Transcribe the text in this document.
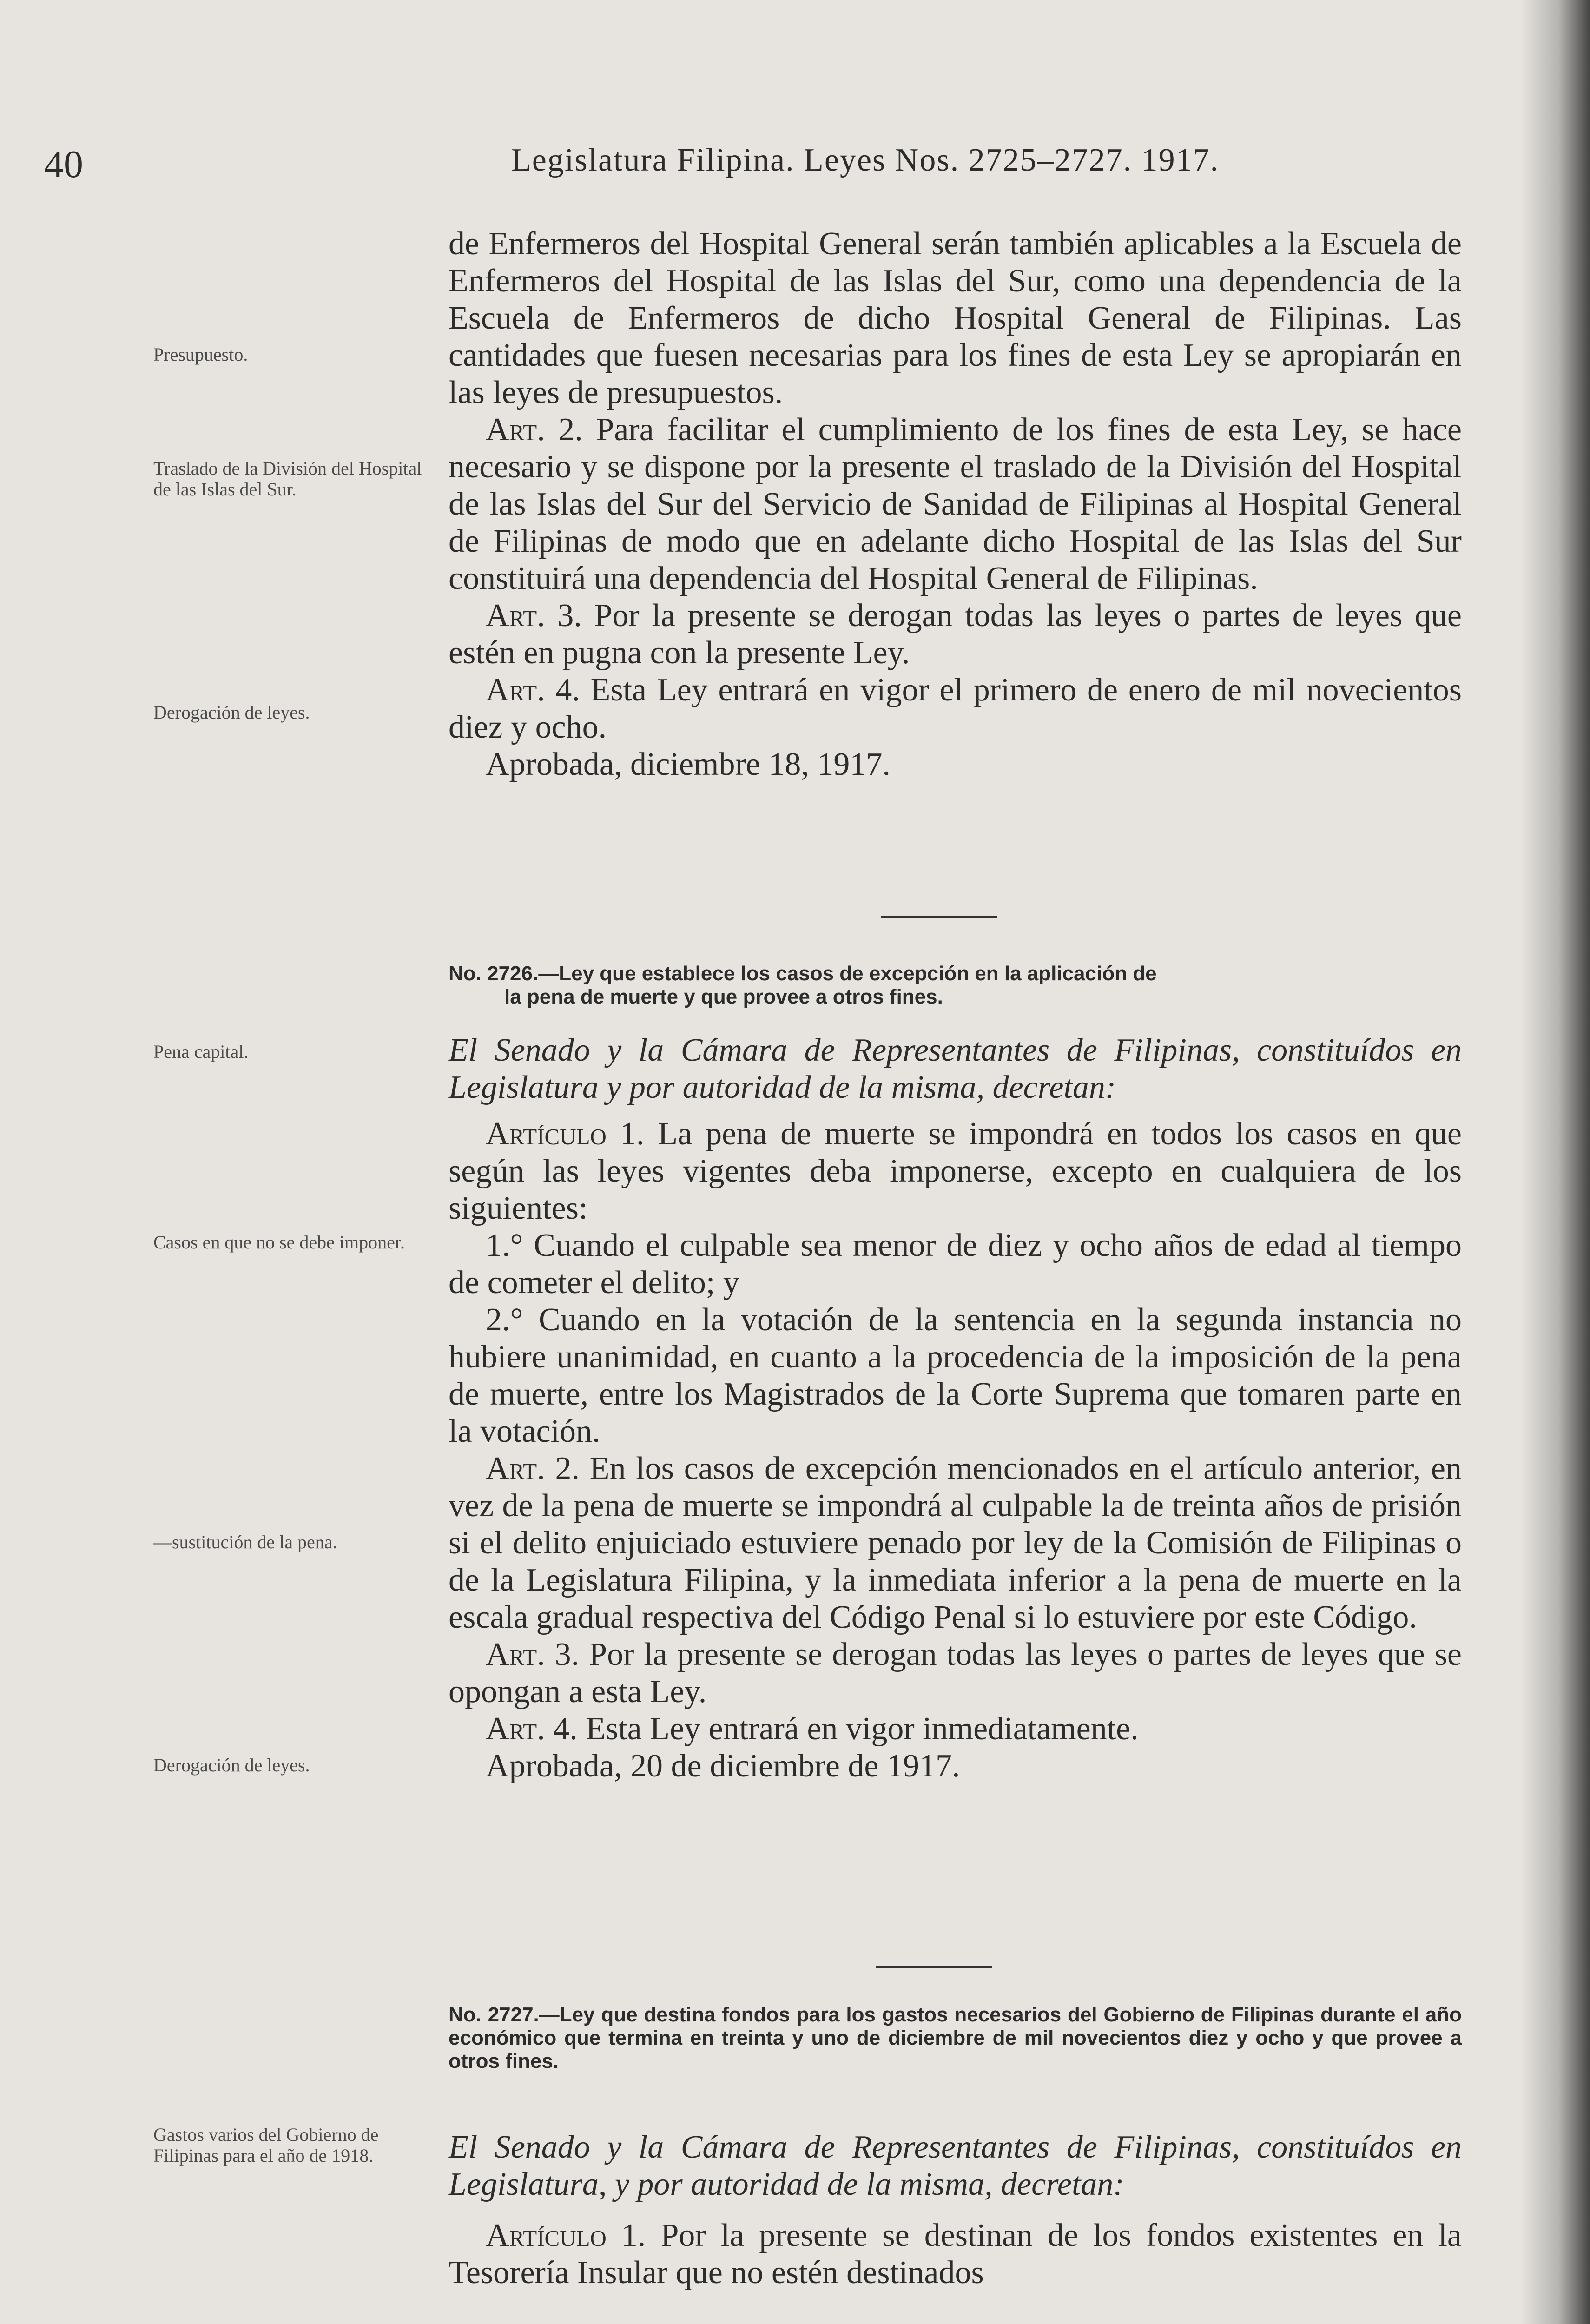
40	Legislatura Filipina. Leyes Nos. 2725–2727. 1917.
Presupuesto.
Traslado de la División del Hospital de las Islas del Sur.
Derogación de leyes.
Pena capital.
Casos en que no se debe imponer.
—sustitución de la pena.
Derogación de leyes.
Gastos varios del Gobierno de Filipinas para el año de 1918.

de Enfermeros del Hospital General serán también aplicables a la Escuela de Enfermeros del Hospital de las Islas del Sur, como una dependencia de la Escuela de Enfermeros de dicho Hospital General de Filipinas. Las cantidades que fuesen necesarias para los fines de esta Ley se apropiarán en las leyes de presupuestos.

Art. 2. Para facilitar el cumplimiento de los fines de esta Ley, se hace necesario y se dispone por la presente el traslado de la División del Hospital de las Islas del Sur del Servicio de Sanidad de Filipinas al Hospital General de Filipinas de modo que en adelante dicho Hospital de las Islas del Sur constituirá una dependencia del Hospital General de Filipinas.

Art. 3. Por la presente se derogan todas las leyes o partes de leyes que estén en pugna con la presente Ley.

Art. 4. Esta Ley entrará en vigor el primero de enero de mil novecientos diez y ocho.

Aprobada, diciembre 18, 1917.

No. 2726.—Ley que establece los casos de excepción en la aplicación de
la pena de muerte y que provee a otros fines.

El Senado y la Cámara de Representantes de Filipinas, constituídos en Legislatura y por autoridad de la misma, decretan:

Artículo 1. La pena de muerte se impondrá en todos los casos en que según las leyes vigentes deba imponerse, excepto en cualquiera de los siguientes:

1.° Cuando el culpable sea menor de diez y ocho años de edad al tiempo de cometer el delito; y

2.° Cuando en la votación de la sentencia en la segunda instancia no hubiere unanimidad, en cuanto a la procedencia de la imposición de la pena de muerte, entre los Magistrados de la Corte Suprema que tomaren parte en la votación.

Art. 2. En los casos de excepción mencionados en el artículo anterior, en vez de la pena de muerte se impondrá al culpable la de treinta años de prisión si el delito enjuiciado estuviere penado por ley de la Comisión de Filipinas o de la Legislatura Filipina, y la inmediata inferior a la pena de muerte en la escala gradual respectiva del Código Penal si lo estuviere por este Código.

Art. 3. Por la presente se derogan todas las leyes o partes de leyes que se opongan a esta Ley.

Art. 4. Esta Ley entrará en vigor inmediatamente.

Aprobada, 20 de diciembre de 1917.

No. 2727.—Ley que destina fondos para los gastos necesarios del Gobierno de Filipinas durante el año económico que termina en treinta y uno de diciembre de mil novecientos diez y ocho y que provee a otros fines.

El Senado y la Cámara de Representantes de Filipinas, constituídos en Legislatura, y por autoridad de la misma, decretan:

Artículo 1. Por la presente se destinan de los fondos existentes en la Tesorería Insular que no estén destinados
